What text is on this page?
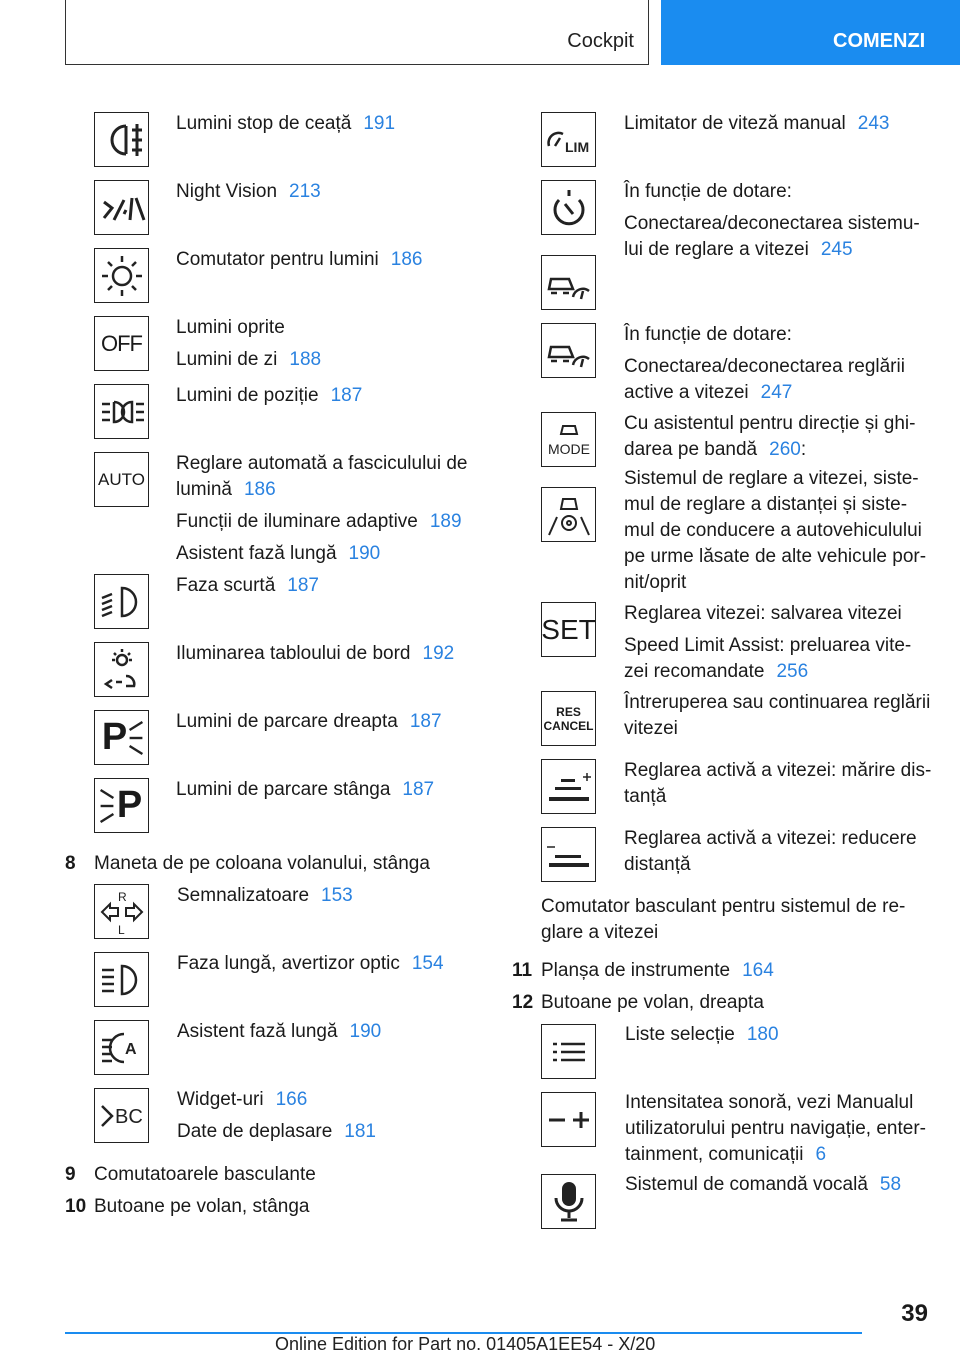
Cockpit	COMENZI
OFF
AUTO
P
P
Lumini stop de ceață 191
Night Vision 213
Comutator pentru lumini 186
Lumini oprite
Lumini de zi 188
Lumini de poziție 187
Reglare automată a fasciculului de
lumină 186
Funcții de iluminare adaptive 189
Asistent fază lungă 190
Faza scurtă 187
Iluminarea tabloului de bord 192
Lumini de parcare dreapta 187
Lumini de parcare stânga 187
8 Maneta de pe coloana volanului, stânga
R
L
A
BC
Semnalizatoare 153
Faza lungă, avertizor optic 154
Asistent fază lungă 190
Widget-uri 166
Date de deplasare 181
9 Comutatoarele basculante
10 Butoane pe volan, stânga
LIM
MODE
SET
RES
CANCEL
Limitator de viteză manual 243
În funcție de dotare:
Conectarea/deconectarea sistemu-
lui de reglare a vitezei 245
În funcție de dotare:
Conectarea/deconectarea reglării
active a vitezei 247
Cu asistentul pentru direcție și ghi-
darea pe bandă 260:
Sistemul de reglare a vitezei, siste-
mul de reglare a distanței și siste-
mul de conducere a autovehiculului
pe urme lăsate de alte vehicule por-
nit/oprit
Reglarea vitezei: salvarea vitezei
Speed Limit Assist: preluarea vite-
zei recomandate 256
Întreruperea sau continuarea reglării
vitezei
Reglarea activă a vitezei: mărire dis-
tanță
Reglarea activă a vitezei: reducere
distanță
Comutator basculant pentru sistemul de re-
glare a vitezei
11 Planșa de instrumente 164
12 Butoane pe volan, dreapta
Liste selecție 180
Intensitatea sonoră, vezi Manualul
utilizatorului pentru navigație, enter-
tainment, comunicații 6
Sistemul de comandă vocală 58
39
Online Edition for Part no. 01405A1EE54 - X/20
